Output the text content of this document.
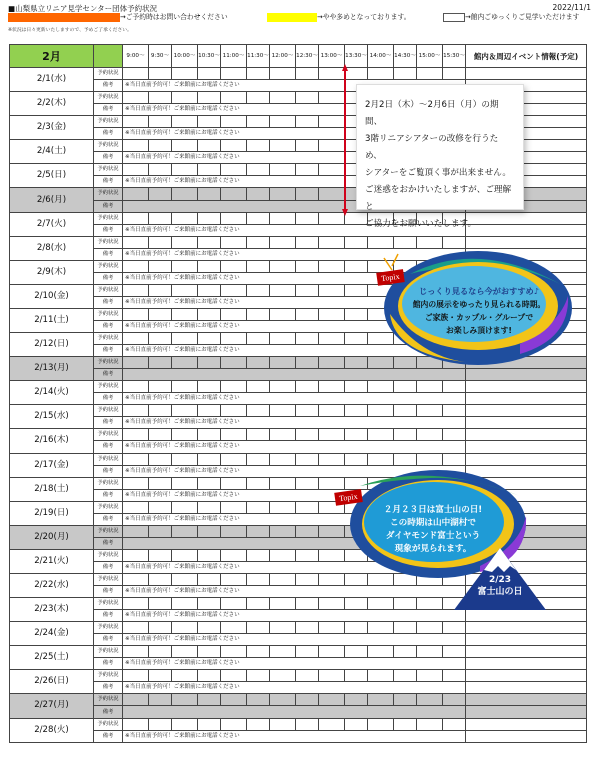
■山梨県立リニア見学センター団体予約状況	2022/11/1
→ご予約時はお問い合わせください	→やや多めとなっております。	→館内ごゆっくりご見学いただけます
※状況は日々更新いたしますので、予めご了承ください。
2月		9:00～	9:30～	10:00～	10:30～	11:00～	11:30～	12:00～	12:30～	13:00～	13:30～	14:00～	14:30～	15:00～	15:30～	館内＆周辺イベント情報(予定)
2/1(水)	予約状況															
	備考	※当日直前予約可！ご来館前にお電話ください														
2/2(木)	予約状況															
	備考	※当日直前予約可！ご来館前にお電話ください														
2/3(金)	予約状況															
	備考	※当日直前予約可！ご来館前にお電話ください														
2/4(土)	予約状況															
	備考	※当日直前予約可！ご来館前にお電話ください														
2/5(日)	予約状況															
	備考	※当日直前予約可！ご来館前にお電話ください														
2/6(月)	予約状況															
	備考															
2/7(火)	予約状況															
	備考	※当日直前予約可！ご来館前にお電話ください														
2/8(水)	予約状況															
	備考	※当日直前予約可！ご来館前にお電話ください														
2/9(木)	予約状況															
	備考	※当日直前予約可！ご来館前にお電話ください														
2/10(金)	予約状況															
	備考	※当日直前予約可！ご来館前にお電話ください														
2/11(土)	予約状況															
	備考	※当日直前予約可！ご来館前にお電話ください														
2/12(日)	予約状況															
	備考	※当日直前予約可！ご来館前にお電話ください														
2/13(月)	予約状況															
	備考															
2/14(火)	予約状況															
	備考	※当日直前予約可！ご来館前にお電話ください														
2/15(水)	予約状況															
	備考	※当日直前予約可！ご来館前にお電話ください														
2/16(木)	予約状況															
	備考	※当日直前予約可！ご来館前にお電話ください														
2/17(金)	予約状況															
	備考	※当日直前予約可！ご来館前にお電話ください														
2/18(土)	予約状況															
	備考	※当日直前予約可！ご来館前にお電話ください														
2/19(日)	予約状況															
	備考	※当日直前予約可！ご来館前にお電話ください														
2/20(月)	予約状況															
	備考															
2/21(火)	予約状況															
	備考	※当日直前予約可！ご来館前にお電話ください														
2/22(水)	予約状況															
	備考	※当日直前予約可！ご来館前にお電話ください														
2/23(木)	予約状況															
	備考	※当日直前予約可！ご来館前にお電話ください														
2/24(金)	予約状況															
	備考	※当日直前予約可！ご来館前にお電話ください														
2/25(土)	予約状況															
	備考	※当日直前予約可！ご来館前にお電話ください														
2/26(日)	予約状況															
	備考	※当日直前予約可！ご来館前にお電話ください														
2/27(月)	予約状況															
	備考															
2/28(火)	予約状況															
	備考	※当日直前予約可！ご来館前にお電話ください														
2月2日（木）～2月6日（月）の期間、
3階リニアシアターの改修を行うため、
シアターをご覧頂く事が出来ません。
ご迷惑をおかけいたしますが、ご理解と
ご協力をお願いいたします。
Topix
じっくり見るなら今がおすすめ♪
館内の展示をゆったり見られる時期。
ご家族・カップル・グループで
お楽しみ頂けます!
Topix
２月２３日は富士山の日!
この時期は山中湖村で
ダイヤモンド富士という
現象が見られます。
2/23
富士山の日
